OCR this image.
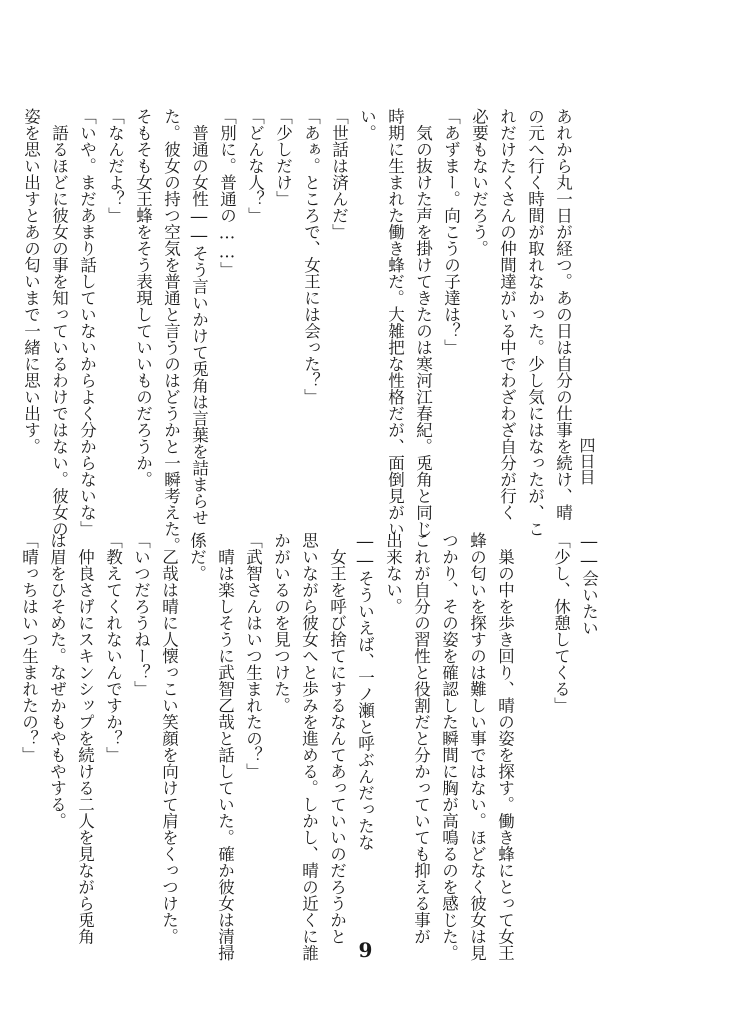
四日目
あれから丸一日が経つ。あの日は自分の仕事を続け、晴
の元へ行く時間が取れなかった。少し気にはなったが、こ
れだけたくさんの仲間達がいる中でわざわざ自分が行く
必要もないだろう。
「あずまー。向こうの子達は？」
　気の抜けた声を掛けてきたのは寒河江春紀。兎角と同じ
時期に生まれた働き蜂だ。大雑把な性格だが、面倒見がい
い。
「世話は済んだ」
「あぁ。ところで、女王には会った？」
「少しだけ」
「どんな人？」
「別に。普通の……」
　普通の女性――そう言いかけて兎角は言葉を詰まらせ
た。彼女の持つ空気を普通と言うのはどうかと一瞬考えた。
そもそも女王蜂をそう表現していいものだろうか。
「なんだよ？」
「いや。まだあまり話していないからよく分からないな」
　語るほどに彼女の事を知っているわけではない。彼女の
姿を思い出すとあの匂いまで一緒に思い出す。
――会いたい
「少し、休憩してくる」
　巣の中を歩き回り、晴の姿を探す。働き蜂にとって女王
蜂の匂いを探すのは難しい事ではない。ほどなく彼女は見
つかり、その姿を確認した瞬間に胸が高鳴るのを感じた。
これが自分の習性と役割だと分かっていても抑える事が
出来ない。
――そういえば、一ノ瀬と呼ぶんだったな
　女王を呼び捨てにするなんてあっていいのだろうかと
思いながら彼女へと歩みを進める。しかし、晴の近くに誰
かがいるのを見つけた。
「武智さんはいつ生まれたの？」
　晴は楽しそうに武智乙哉と話していた。確か彼女は清掃
係だ。
　乙哉は晴に人懐っこい笑顔を向けて肩をくっつけた。
「いつだろうねー？」
「教えてくれないんですか？」
　仲良さげにスキンシップを続ける二人を見ながら兎角
は眉をひそめた。なぜかもやもやする。
「晴っちはいつ生まれたの？」
9
